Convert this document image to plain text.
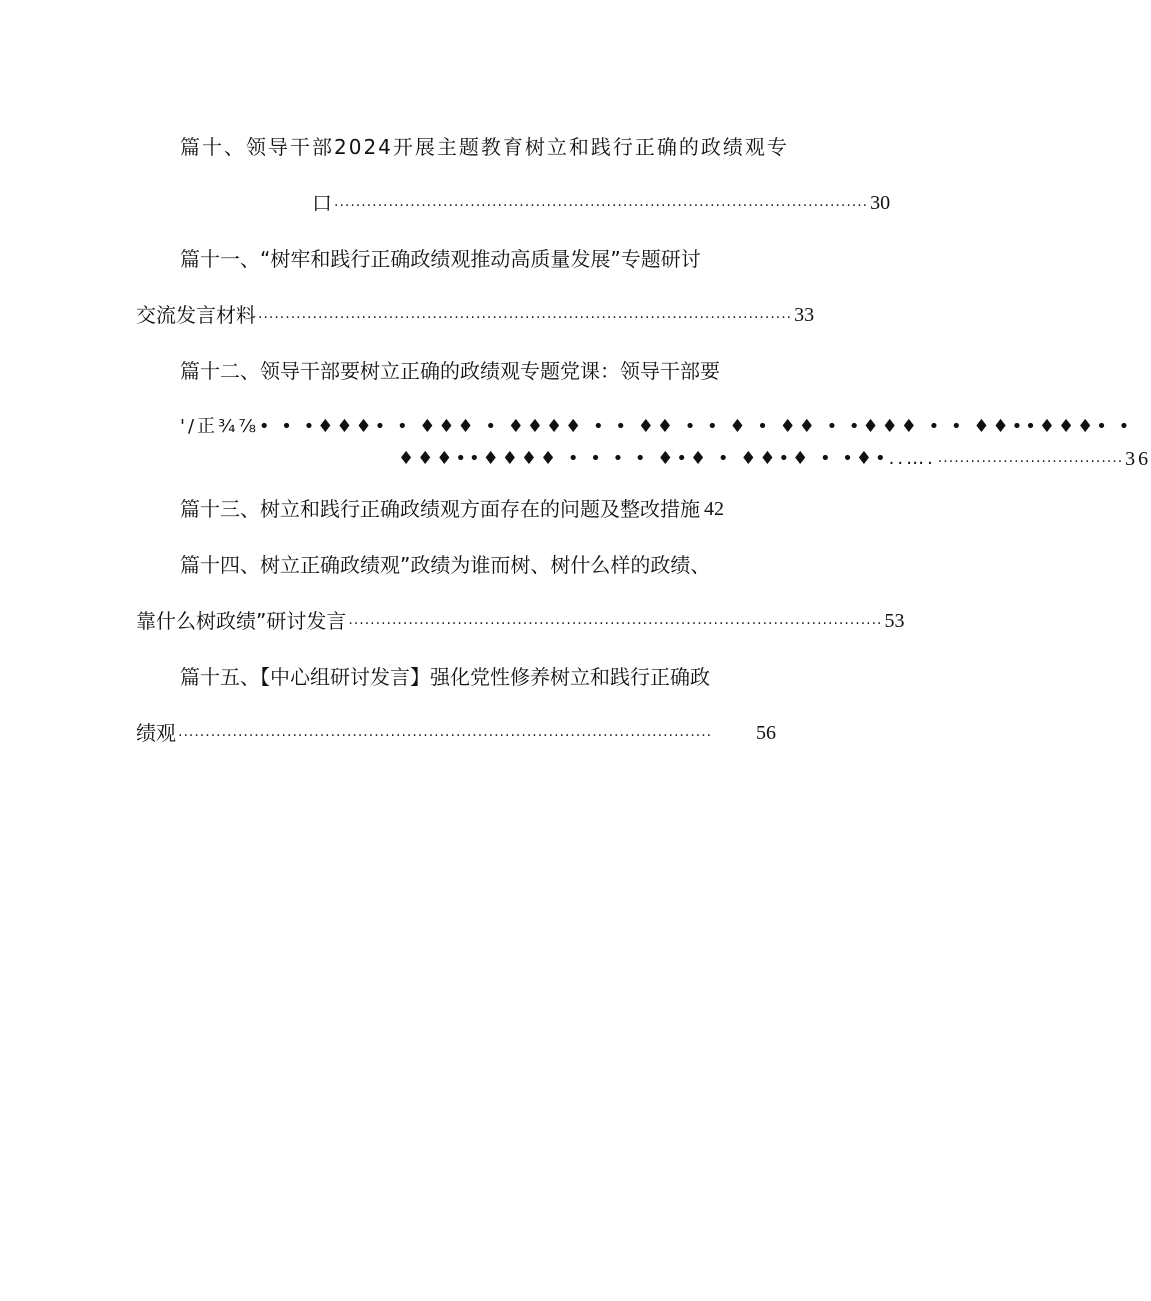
篇十、领导干部2024开展主题教育树立和践行正确的政绩观专
口 ·································································································· 30
篇十一、“树牢和践行正确政绩观推动高质量发展”专题研讨
交流发言材料 ·································································································· 33
篇十二、领导干部要树立正确的政绩观专题党课：领导干部要
'/正¾⅞• • •♦♦♦• • ♦♦♦ • ♦♦♦♦ • • ♦♦ • • ♦ • ♦♦ • •♦♦♦ • • ♦♦••♦♦♦• •
♦♦♦••♦♦♦♦ • • • • ♦•♦ • ♦♦•♦ • •♦•..…. ·································· 36
篇十三、树立和践行正确政绩观方面存在的问题及整改措施 42
篇十四、树立正确政绩观”政绩为谁而树、树什么样的政绩、
靠什么树政绩”研讨发言 ·································································································· 53
篇十五、【中心组研讨发言】强化党性修养树立和践行正确政
绩观 ··································································································	56
